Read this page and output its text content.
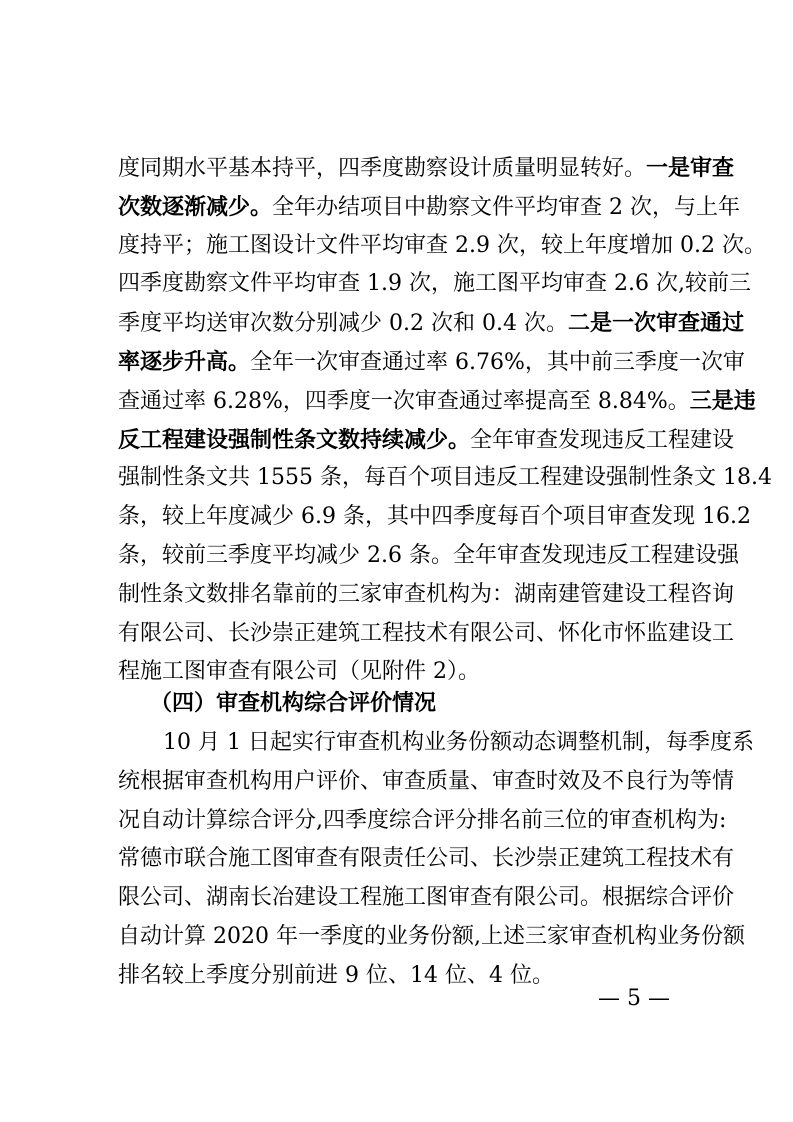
度同期水平基本持平，四季度勘察设计质量明显转好。一是审查
次数逐渐减少。全年办结项目中勘察文件平均审查 2 次，与上年
度持平；施工图设计文件平均审查 2.9 次，较上年度增加 0.2 次。
四季度勘察文件平均审查 1.9 次，施工图平均审查 2.6 次,较前三
季度平均送审次数分别减少 0.2 次和 0.4 次。二是一次审查通过
率逐步升高。全年一次审查通过率 6.76%，其中前三季度一次审
查通过率 6.28%，四季度一次审查通过率提高至 8.84%。三是违
反工程建设强制性条文数持续减少。全年审查发现违反工程建设
强制性条文共 1555 条，每百个项目违反工程建设强制性条文 18.4
条，较上年度减少 6.9 条，其中四季度每百个项目审查发现 16.2
条，较前三季度平均减少 2.6 条。全年审查发现违反工程建设强
制性条文数排名靠前的三家审查机构为：湖南建管建设工程咨询
有限公司、长沙崇正建筑工程技术有限公司、怀化市怀监建设工
程施工图审查有限公司（见附件 2）。
（四）审查机构综合评价情况
10 月 1 日起实行审查机构业务份额动态调整机制，每季度系
统根据审查机构用户评价、审查质量、审查时效及不良行为等情
况自动计算综合评分,四季度综合评分排名前三位的审查机构为:
常德市联合施工图审查有限责任公司、长沙崇正建筑工程技术有
限公司、湖南长冶建设工程施工图审查有限公司。根据综合评价
自动计算 2020 年一季度的业务份额,上述三家审查机构业务份额
排名较上季度分别前进 9 位、14 位、4 位。
— 5 —
